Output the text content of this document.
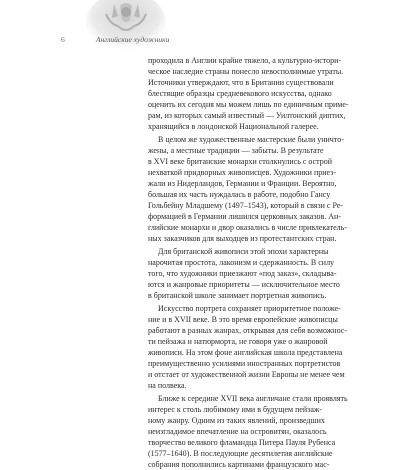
6	Английские художники
проходила в Англии крайне тяжело, а культурно-истори-
ческое наследие страны понесло невосполнимые утраты.
Источники утверждают, что в Британии существовали
блестящие образцы средневекового искусства, однако
оценить их сегодня мы можем лишь по единичным приме-
рам, из которых самый известный — Уилтонский диптих,
хранящийся в лондонской Национальной галерее.
В целом же художественные мастерские были уничто-
жены, а местные традиции — забыты. В результате
в XVI веке британские монархи столкнулись с острой
нехваткой придворных живописцев. Художники приез-
жали из Нидерландов, Германии и Франции. Вероятно,
большая их часть нуждалась в работе, подобно Гансу
Гольбейну Младшему (1497–1543), который в связи с Ре-
формацией в Германии лишился церковных заказов. Ан-
глийские монархи и двор оказались в числе привлекатель-
ных заказчиков для выходцев из протестантских стран.
Для британской живописи этой эпохи характерны
нарочитая простота, лаконизм и сдержанность. В силу
того, что художники приезжают «под заказ», складыва-
ются и жанровые приоритеты — исключительное место
в британской школе занимает портретная живопись.
Искусство портрета сохраняет приоритетное положе-
ние и в XVII веке. В это время европейские живописцы
работают в разных жанрах, открывая для себя возможнос-
ти пейзажа и натюрморта, не говоря уже о жанровой
живописи. На этом фоне английская школа представлена
преимущественно усилиями иностранных портретистов
и отстает от художественной жизни Европы не менее чем
на полвека.
Ближе к середине XVII века англичане стали проявлять
интерес к столь любимому ими в будущем пейзаж-
ному жанру. Одним из таких явлений, произведших
неизгладимое впечатление на островитян, оказалось
творчество великого фламандца Питера Пауля Рубенса
(1577–1640). В последующие десятилетия английские
собрания пополнились картинами французского мас-
